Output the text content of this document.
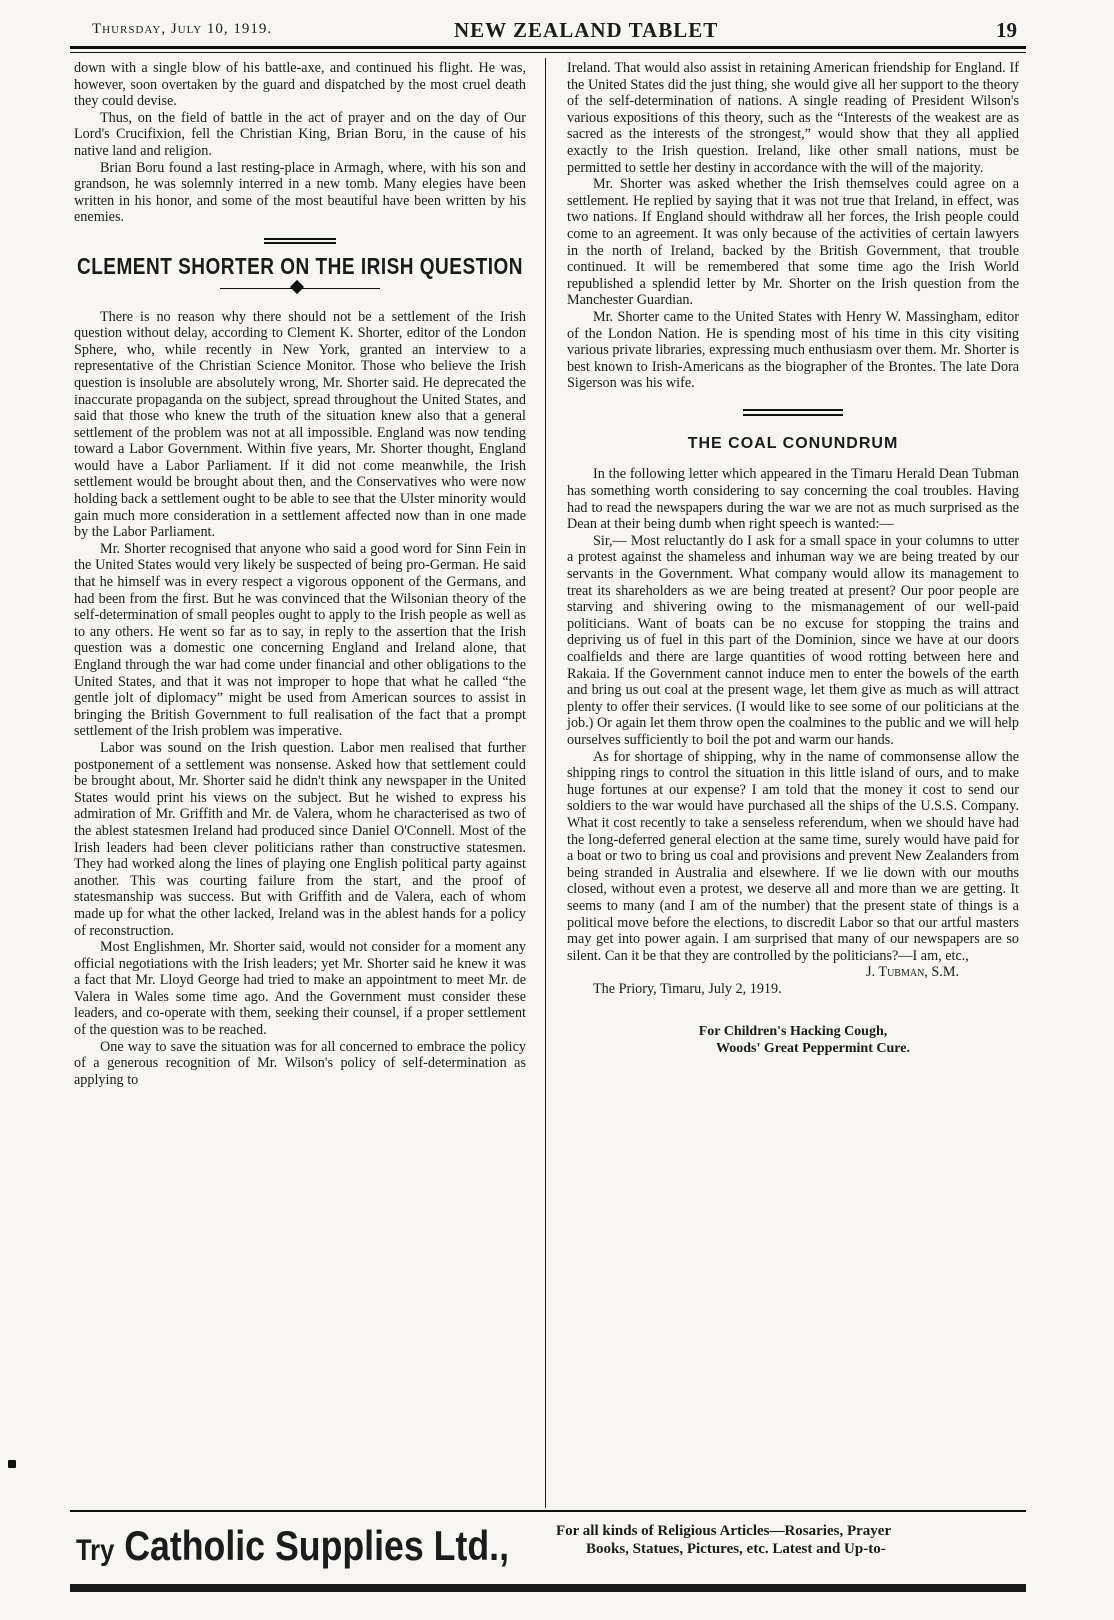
Thursday, July 10, 1919.	NEW ZEALAND TABLET	19

down with a single blow of his battle-axe, and continued his flight. He was, however, soon overtaken by the guard and dispatched by the most cruel death they could devise.

Thus, on the field of battle in the act of prayer and on the day of Our Lord's Crucifixion, fell the Christian King, Brian Boru, in the cause of his native land and religion.

Brian Boru found a last resting-place in Armagh, where, with his son and grandson, he was solemnly interred in a new tomb. Many elegies have been written in his honor, and some of the most beautiful have been written by his enemies.

CLEMENT SHORTER ON THE IRISH QUESTION

There is no reason why there should not be a settlement of the Irish question without delay, according to Clement K. Shorter, editor of the London Sphere, who, while recently in New York, granted an interview to a representative of the Christian Science Monitor. Those who believe the Irish question is insoluble are absolutely wrong, Mr. Shorter said. He deprecated the inaccurate propaganda on the subject, spread throughout the United States, and said that those who knew the truth of the situation knew also that a general settlement of the problem was not at all impossible. England was now tending toward a Labor Government. Within five years, Mr. Shorter thought, England would have a Labor Parliament. If it did not come meanwhile, the Irish settlement would be brought about then, and the Conservatives who were now holding back a settlement ought to be able to see that the Ulster minority would gain much more consideration in a settlement affected now than in one made by the Labor Parliament.

Mr. Shorter recognised that anyone who said a good word for Sinn Fein in the United States would very likely be suspected of being pro-German. He said that he himself was in every respect a vigorous opponent of the Germans, and had been from the first. But he was convinced that the Wilsonian theory of the self-determination of small peoples ought to apply to the Irish people as well as to any others. He went so far as to say, in reply to the assertion that the Irish question was a domestic one concerning England and Ireland alone, that England through the war had come under financial and other obligations to the United States, and that it was not improper to hope that what he called “the gentle jolt of diplomacy” might be used from American sources to assist in bringing the British Government to full realisation of the fact that a prompt settlement of the Irish problem was imperative.

Labor was sound on the Irish question. Labor men realised that further postponement of a settlement was nonsense. Asked how that settlement could be brought about, Mr. Shorter said he didn't think any newspaper in the United States would print his views on the subject. But he wished to express his admiration of Mr. Griffith and Mr. de Valera, whom he characterised as two of the ablest statesmen Ireland had produced since Daniel O'Connell. Most of the Irish leaders had been clever politicians rather than constructive statesmen. They had worked along the lines of playing one English political party against another. This was courting failure from the start, and the proof of statesmanship was success. But with Griffith and de Valera, each of whom made up for what the other lacked, Ireland was in the ablest hands for a policy of reconstruction.

Most Englishmen, Mr. Shorter said, would not consider for a moment any official negotiations with the Irish leaders; yet Mr. Shorter said he knew it was a fact that Mr. Lloyd George had tried to make an appointment to meet Mr. de Valera in Wales some time ago. And the Government must consider these leaders, and co-operate with them, seeking their counsel, if a proper settlement of the question was to be reached.

One way to save the situation was for all concerned to embrace the policy of a generous recognition of Mr. Wilson's policy of self-determination as applying to

Ireland. That would also assist in retaining American friendship for England. If the United States did the just thing, she would give all her support to the theory of the self-determination of nations. A single reading of President Wilson's various expositions of this theory, such as the “Interests of the weakest are as sacred as the interests of the strongest,” would show that they all applied exactly to the Irish question. Ireland, like other small nations, must be permitted to settle her destiny in accordance with the will of the majority.

Mr. Shorter was asked whether the Irish themselves could agree on a settlement. He replied by saying that it was not true that Ireland, in effect, was two nations. If England should withdraw all her forces, the Irish people could come to an agreement. It was only because of the activities of certain lawyers in the north of Ireland, backed by the British Government, that trouble continued. It will be remembered that some time ago the Irish World republished a splendid letter by Mr. Shorter on the Irish question from the Manchester Guardian.

Mr. Shorter came to the United States with Henry W. Massingham, editor of the London Nation. He is spending most of his time in this city visiting various private libraries, expressing much enthusiasm over them. Mr. Shorter is best known to Irish-Americans as the biographer of the Brontes. The late Dora Sigerson was his wife.

THE COAL CONUNDRUM

In the following letter which appeared in the Timaru Herald Dean Tubman has something worth considering to say concerning the coal troubles. Having had to read the newspapers during the war we are not as much surprised as the Dean at their being dumb when right speech is wanted:—

Sir,— Most reluctantly do I ask for a small space in your columns to utter a protest against the shameless and inhuman way we are being treated by our servants in the Government. What company would allow its management to treat its shareholders as we are being treated at present? Our poor people are starving and shivering owing to the mismanagement of our well-paid politicians. Want of boats can be no excuse for stopping the trains and depriving us of fuel in this part of the Dominion, since we have at our doors coalfields and there are large quantities of wood rotting between here and Rakaia. If the Government cannot induce men to enter the bowels of the earth and bring us out coal at the present wage, let them give as much as will attract plenty to offer their services. (I would like to see some of our politicians at the job.) Or again let them throw open the coalmines to the public and we will help ourselves sufficiently to boil the pot and warm our hands.

As for shortage of shipping, why in the name of commonsense allow the shipping rings to control the situation in this little island of ours, and to make huge fortunes at our expense? I am told that the money it cost to send our soldiers to the war would have purchased all the ships of the U.S.S. Company. What it cost recently to take a senseless referendum, when we should have had the long-deferred general election at the same time, surely would have paid for a boat or two to bring us coal and provisions and prevent New Zealanders from being stranded in Australia and elsewhere. If we lie down with our mouths closed, without even a protest, we deserve all and more than we are getting. It seems to many (and I am of the number) that the present state of things is a political move before the elections, to discredit Labor so that our artful masters may get into power again. I am surprised that many of our newspapers are so silent. Can it be that they are controlled by the politicians?—I am, etc.,

J. Tubman, S.M.

The Priory, Timaru, July 2, 1919.

For Children's Hacking Cough,
Woods' Great Peppermint Cure.
Try Catholic Supplies Ltd.,	For all kinds of Religious Articles—Rosaries, Prayer
Books, Statues, Pictures, etc. Latest and Up-to-
